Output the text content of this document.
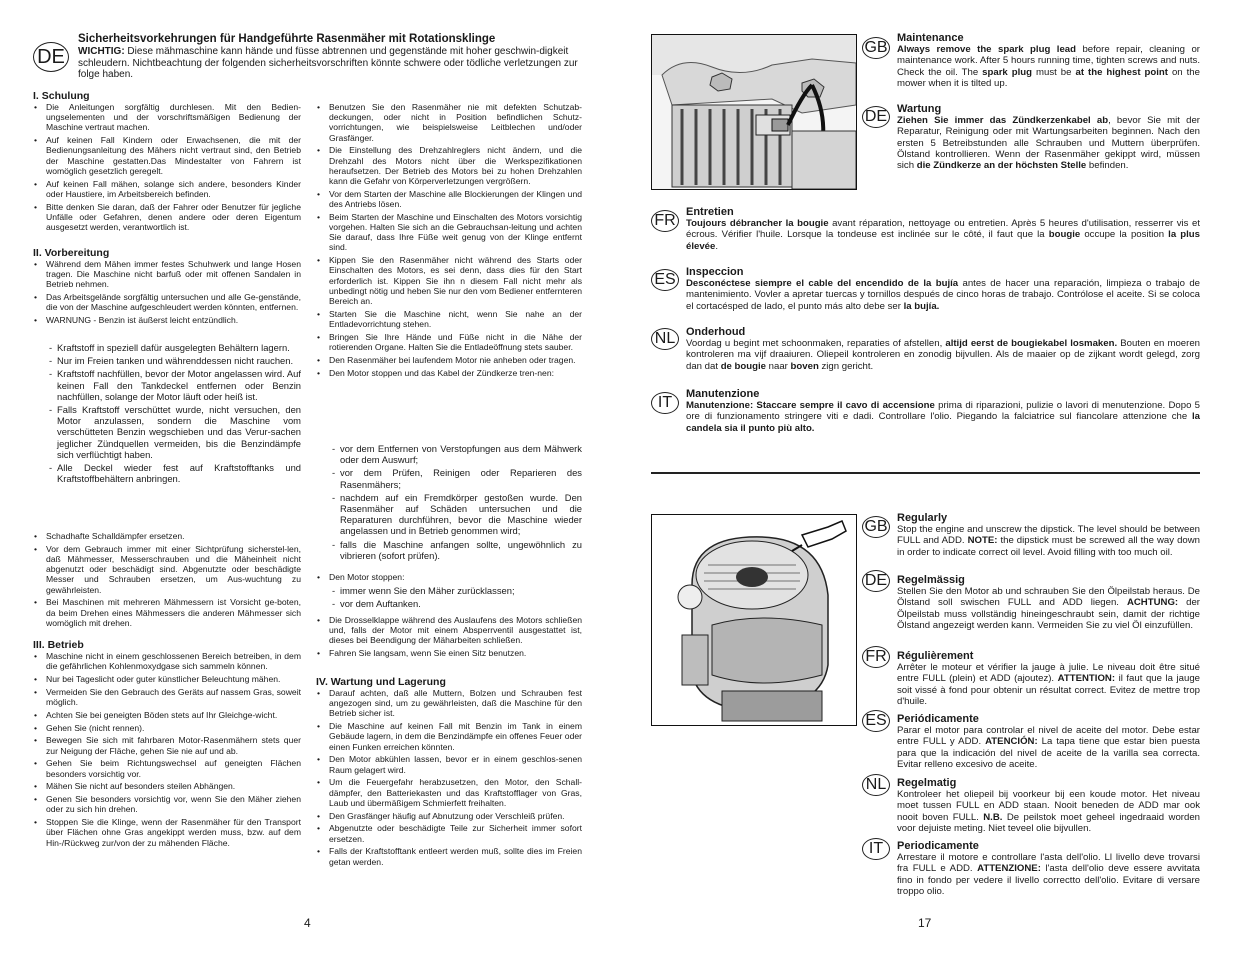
DE
Sicherheitsvorkehrungen für Handgeführte Rasenmäher mit Rotationsklinge
WICHTIG: Diese mähmaschine kann hände und füsse abtrennen und gegenstände mit hoher geschwin-digkeit schleudern. Nichtbeachtung der folgenden sicherheitsvorschriften könnte schwere oder tödliche verletzungen zur folge haben.
I. Schulung
• Die Anleitungen sorgfältig durchlesen. Mit den Bedien-ungselementen und der vorschriftsmäßigen Bedienung der Maschine vertraut machen.
• Auf keinen Fall Kindern oder Erwachsenen, die mit der Bedienungsanleitung des Mähers nicht vertraut sind, den Betrieb der Maschine gestatten.Das Mindestalter von Fahrern ist womöglich gesetzlich geregelt.
• Auf keinen Fall mähen, solange sich andere, besonders Kinder oder Haustiere, im Arbeitsbereich befinden.
• Bitte denken Sie daran, daß der Fahrer oder Benutzer für jegliche Unfälle oder Gefahren, denen andere oder deren Eigentum ausgesetzt werden, verantwortlich ist.
II. Vorbereitung
• Während dem Mähen immer festes Schuhwerk und lange Hosen tragen. Die Maschine nicht barfuß oder mit offenen Sandalen in Betrieb nehmen.
• Das Arbeitsgelände sorgfältig untersuchen und alle Ge-genstände, die von der Maschine aufgeschleudert werden könnten, entfernen.
• WARNUNG - Benzin ist äußerst leicht entzündlich.
- Kraftstoff in speziell dafür ausgelegten Behältern lagern.
- Nur im Freien tanken und währenddessen nicht rauchen.
- Kraftstoff nachfüllen, bevor der Motor angelassen wird. Auf keinen Fall den Tankdeckel entfernen oder Benzin nachfüllen, solange der Motor läuft oder heiß ist.
- Falls Kraftstoff verschüttet wurde, nicht versuchen, den Motor anzulassen, sondern die Maschine vom verschütteten Benzin wegschieben und das Verur-sachen jeglicher Zündquellen vermeiden, bis die Benzindämpfe sich verflüchtigt haben.
- Alle Deckel wieder fest auf Kraftstofftanks und Kraftstoffbehältern anbringen.
• Schadhafte Schalldämpfer ersetzen.
• Vor dem Gebrauch immer mit einer Sichtprüfung sicherstel-len, daß Mähmesser, Messerschrauben und die Mäheinheit nicht abgenutzt oder beschädigt sind. Abgenutzte oder beschädigte Messer und Schrauben ersetzen, um Aus-wuchtung zu gewährleisten.
• Bei Maschinen mit mehreren Mähmessern ist Vorsicht ge-boten, da beim Drehen eines Mähmessers die anderen Mähmesser sich womöglich mit drehen.
III. Betrieb
• Maschine nicht in einem geschlossenen Bereich betreiben, in dem die gefährlichen Kohlenmoxydgase sich sammeln können.
• Nur bei Tageslicht oder guter künstlicher Beleuchtung mähen.
• Vermeiden Sie den Gebrauch des Geräts auf nassem Gras, soweit möglich.
• Achten Sie bei geneigten Böden stets auf Ihr Gleichge-wicht.
• Gehen Sie (nicht rennen).
• Bewegen Sie sich mit fahrbaren Motor-Rasenmähern stets quer zur Neigung der Fläche, gehen Sie nie auf und ab.
• Gehen Sie beim Richtungswechsel auf geneigten Flächen besonders vorsichtig vor.
• Mähen Sie nicht auf besonders steilen Abhängen.
• Genen Sie besonders vorsichtig vor, wenn Sie den Mäher ziehen oder zu sich hin drehen.
• Stoppen Sie die Klinge, wenn der Rasenmäher für den Transport über Flächen ohne Gras angekippt werden muss, bzw. auf dem Hin-/Rückweg zur/von der zu mähenden Fläche.
• Benutzen Sie den Rasenmäher nie mit defekten Schutzab-deckungen, oder nicht in Position befindlichen Schutz-vorrichtungen, wie beispielsweise Leitblechen und/oder Grasfänger.
• Die Einstellung des Drehzahlreglers nicht ändern, und die Drehzahl des Motors nicht über die Werkspezifikationen heraufsetzen. Der Betrieb des Motors bei zu hohen Drehzahlen kann die Gefahr von Körperverletzungen vergrößern.
• Vor dem Starten der Maschine alle Blockierungen der Klingen und des Antriebs lösen.
• Beim Starten der Maschine und Einschalten des Motors vorsichtig vorgehen. Halten Sie sich an die Gebrauchsan-leitung und achten Sie darauf, dass Ihre Füße weit genug von der Klinge entfernt sind.
• Kippen Sie den Rasenmäher nicht während des Starts oder Einschalten des Motors, es sei denn, dass dies für den Start erforderlich ist. Kippen Sie ihn n diesem Fall nicht mehr als unbedingt nötig und heben Sie nur den vom Bediener entfernteren Bereich an.
• Starten Sie die Maschine nicht, wenn Sie nahe an der Entladevorrichtung stehen.
• Bringen Sie Ihre Hände und Füße nicht in die Nähe der rotierenden Organe. Halten Sie die Entladeöffnung stets sauber.
• Den Rasenmäher bei laufendem Motor nie anheben oder tragen.
• Den Motor stoppen und das Kabel der Zündkerze tren-nen:
- vor dem Entfernen von Verstopfungen aus dem Mähwerk oder dem Auswurf;
- vor dem Prüfen, Reinigen oder Reparieren des Rasenmähers;
- nachdem auf ein Fremdkörper gestoßen wurde. Den Rasenmäher auf Schäden untersuchen und die Reparaturen durchführen, bevor die Maschine wieder angelassen und in Betrieb genommen wird;
- falls die Maschine anfangen sollte, ungewöhnlich zu vibrieren (sofort prüfen).
• Den Motor stoppen:
- immer wenn Sie den Mäher zurücklassen;
- vor dem Auftanken.
• Die Drosselklappe während des Auslaufens des Motors schließen und, falls der Motor mit einem Absperrventil ausgestattet ist, dieses bei Beendigung der Mäharbeiten schließen.
• Fahren Sie langsam, wenn Sie einen Sitz benutzen.
IV. Wartung und Lagerung
• Darauf achten, daß alle Muttern, Bolzen und Schrauben fest angezogen sind, um zu gewährleisten, daß die Maschine für den Betrieb sicher ist.
• Die Maschine auf keinen Fall mit Benzin im Tank in einem Gebäude lagern, in dem die Benzindämpfe ein offenes Feuer oder einen Funken erreichen könnten.
• Den Motor abkühlen lassen, bevor er in einem geschlos-senen Raum gelagert wird.
• Um die Feuergefahr herabzusetzen, den Motor, den Schall-dämpfer, den Batteriekasten und das Kraftstofflager von Gras, Laub und übermäßigem Schmierfett freihalten.
• Den Grasfänger häufig auf Abnutzung oder Verschleiß prüfen.
• Abgenutzte oder beschädigte Teile zur Sicherheit immer sofort ersetzen.
• Falls der Kraftstofftank entleert werden muß, sollte dies im Freien getan werden.
4
GB
Maintenance
Always remove the spark plug lead before repair, cleaning or maintenance work. After 5 hours running time, tighten screws and nuts. Check the oil. The spark plug must be at the highest point on the mower when it is tilted up.
DE Wartung
Ziehen Sie immer das Zündkerzenkabel ab, bevor Sie mit der Reparatur, Reinigung oder mit Wartungsarbeiten beginnen. Nach den ersten 5 Betreibstunden alle Schrauben und Muttern überprüfen. Ölstand kontrollieren. Wenn der Rasenmäher gekippt wird, müssen sich die Zündkerze an der höchsten Stelle befinden.
FR Entretien
Toujours débrancher la bougie avant réparation, nettoyage ou entretien. Après 5 heures d'utilisation, resserrer vis et écrous. Vérifier l'huile. Lorsque la tondeuse est inclinée sur le côté, il faut que la bougie occupe la position la plus élevée.
ES Inspeccion
Desconéctese siempre el cable del encendido de la bujía antes de hacer una reparación, limpieza o trabajo de mantenimiento. Vovler a apretar tuercas y tornillos después de cinco horas de trabajo. Contrólose el aceite. Si se coloca el cortacésped de lado, el punto más alto debe ser la bujía.
NL Onderhoud
Voordag u begint met schoonmaken, reparaties of afstellen, altijd eerst de bougiekabel losmaken. Bouten en moeren kontroleren ma vijf draaiuren. Oliepeil kontroleren en zonodig bijvullen. Als de maaier op de zijkant wordt gelegd, zorg dan dat de bougie naar boven zign gericht.
IT	Manutenzione
Manutenzione: Staccare sempre il cavo di accensione prima di riparazioni, pulizie o lavori di menutenzione. Dopo 5 ore di funzionamento stringere viti e dadi. Controllare l'olio. Piegando la falciatrice sul fiancolare attenzione che la candela sia il punto più alto.
GB Regularly
Stop the engine and unscrew the dipstick. The level should be between FULL and ADD. NOTE: the dipstick must be screwed all the way down in order to indicate correct oil level. Avoid filling with too much oil.
DE Regelmässig
Stellen Sie den Motor ab und schrauben Sie den Ölpeilstab heraus. De Ölstand soll swischen FULL and ADD liegen. ACHTUNG: der Ölpeilstab muss vollständig hineingeschraubt sein, damit der richtige Ölstand angezeigt werden kann. Vermeiden Sie zu viel Öl einzufüllen.
FR Régulièrement
Arrêter le moteur et vérifier la jauge à julie. Le niveau doit être situé entre FULL (plein) et ADD (ajoutez). ATTENTION: il faut que la jauge soit vissé à fond pour obtenir un résultat correct. Evitez de mettre trop d'huile.
ES Periódicamente
Parar el motor para controlar el nivel de aceite del motor. Debe estar entre FULL y ADD. ATENCIÓN: La tapa tiene que estar bien puesta para que la indicación del nivel de aceite de la varilla sea correcta. Evitar relleno excesivo de aceite.
NL Regelmatig
Kontroleer het oliepeil bij voorkeur bij een koude motor. Het niveau moet tussen FULL en ADD staan. Nooit beneden de ADD mar ook nooit boven FULL. N.B. De peilstok moet geheel ingedraaid worden voor dejuiste meting. Niet teveel olie bijvullen.
IT	Periodicamente
Arrestare il motore e controllare l'asta dell'olio. Ll livello deve trovarsi fra FULL e ADD. ATTENZIONE: l'asta dell'olio deve essere avvitata fino in fondo per vedere il livello correctto dell'olio. Evitare di versare troppo olio.
17
